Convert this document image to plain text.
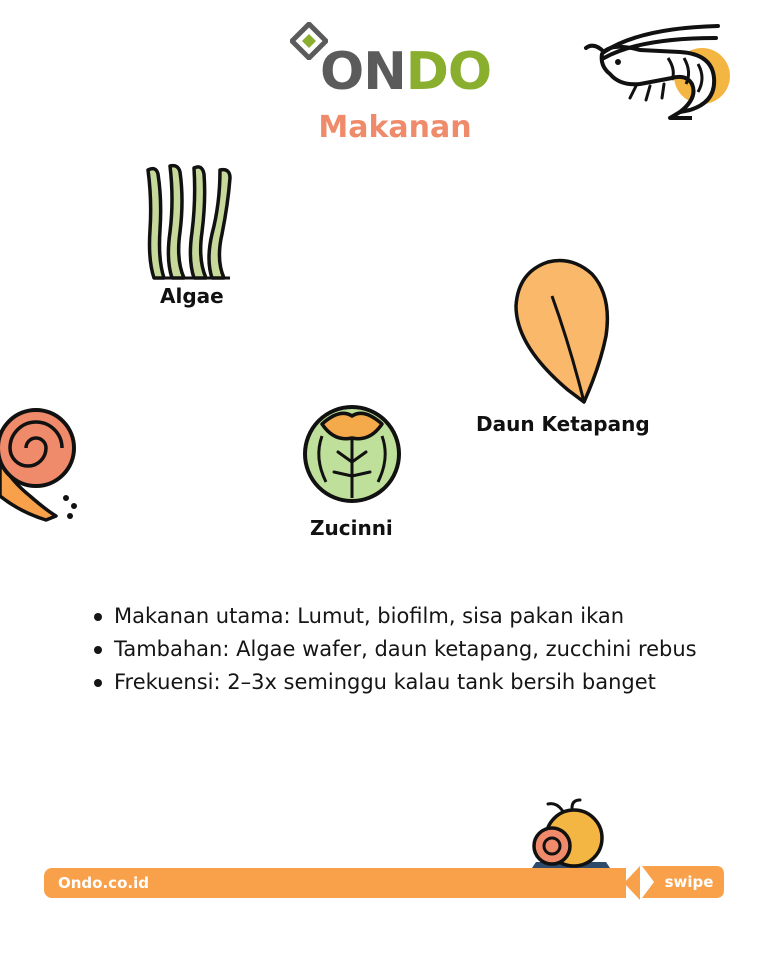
ONDO
Makanan
Algae
Daun Ketapang
Zucinni
Makanan utama: Lumut, biofilm, sisa pakan ikan
Tambahan: Algae wafer, daun ketapang, zucchini rebus
Frekuensi: 2–3x seminggu kalau tank bersih banget
Ondo.co.id	swipe
